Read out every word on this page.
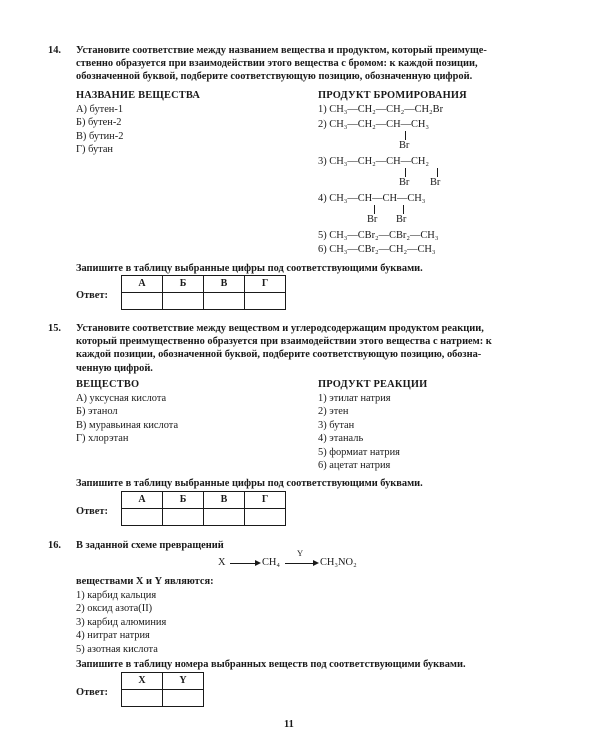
14. Установите соответствие между названием вещества и продуктом, который преимуще-
ственно образуется при взаимодействии этого вещества с бромом: к каждой позиции,
обозначенной буквой, подберите соответствующую позицию, обозначенную цифрой.
НАЗВАНИЕ ВЕЩЕСТВА	ПРОДУКТ БРОМИРОВАНИЯ
А) бутен-1
Б) бутен-2
В) бутин-2
Г) бутан
1) CH₃—CH₂—CH₂—CH₂Br
2) CH₃—CH₂—CH—CH₃
Br
3) CH₃—CH₂—CH—CH₂
Br Br
4) CH₃—CH—CH—CH₃
Br Br
5) CH₃—CBr₂—CBr₂—CH₃
6) CH₃—CBr₂—CH₂—CH₃
Запишите в таблицу выбранные цифры под соответствующими буквами.
Ответ:
А	Б	В	Г

15. Установите соответствие между веществом и углеродсодержащим продуктом реакции,
который преимущественно образуется при взаимодействии этого вещества с натрием: к
каждой позиции, обозначенной буквой, подберите соответствующую позицию, обозна-
ченную цифрой.
ВЕЩЕСТВО	ПРОДУКТ РЕАКЦИИ
А) уксусная кислота
Б) этанол
В) муравьиная кислота
Г) хлорэтан
1) этилат натрия
2) этен
3) бутан
4) этаналь
5) формиат натрия
6) ацетат натрия
Запишите в таблицу выбранные цифры под соответствующими буквами.
Ответ:
А	Б	В	Г

16. В заданной схеме превращений
X	CH₄
Y
CH₃NO₂
веществами X и Y являются:
1) карбид кальция
2) оксид азота(II)
3) карбид алюминия
4) нитрат натрия
5) азотная кислота
Запишите в таблицу номера выбранных веществ под соответствующими буквами.
Ответ:
X	Y

11
